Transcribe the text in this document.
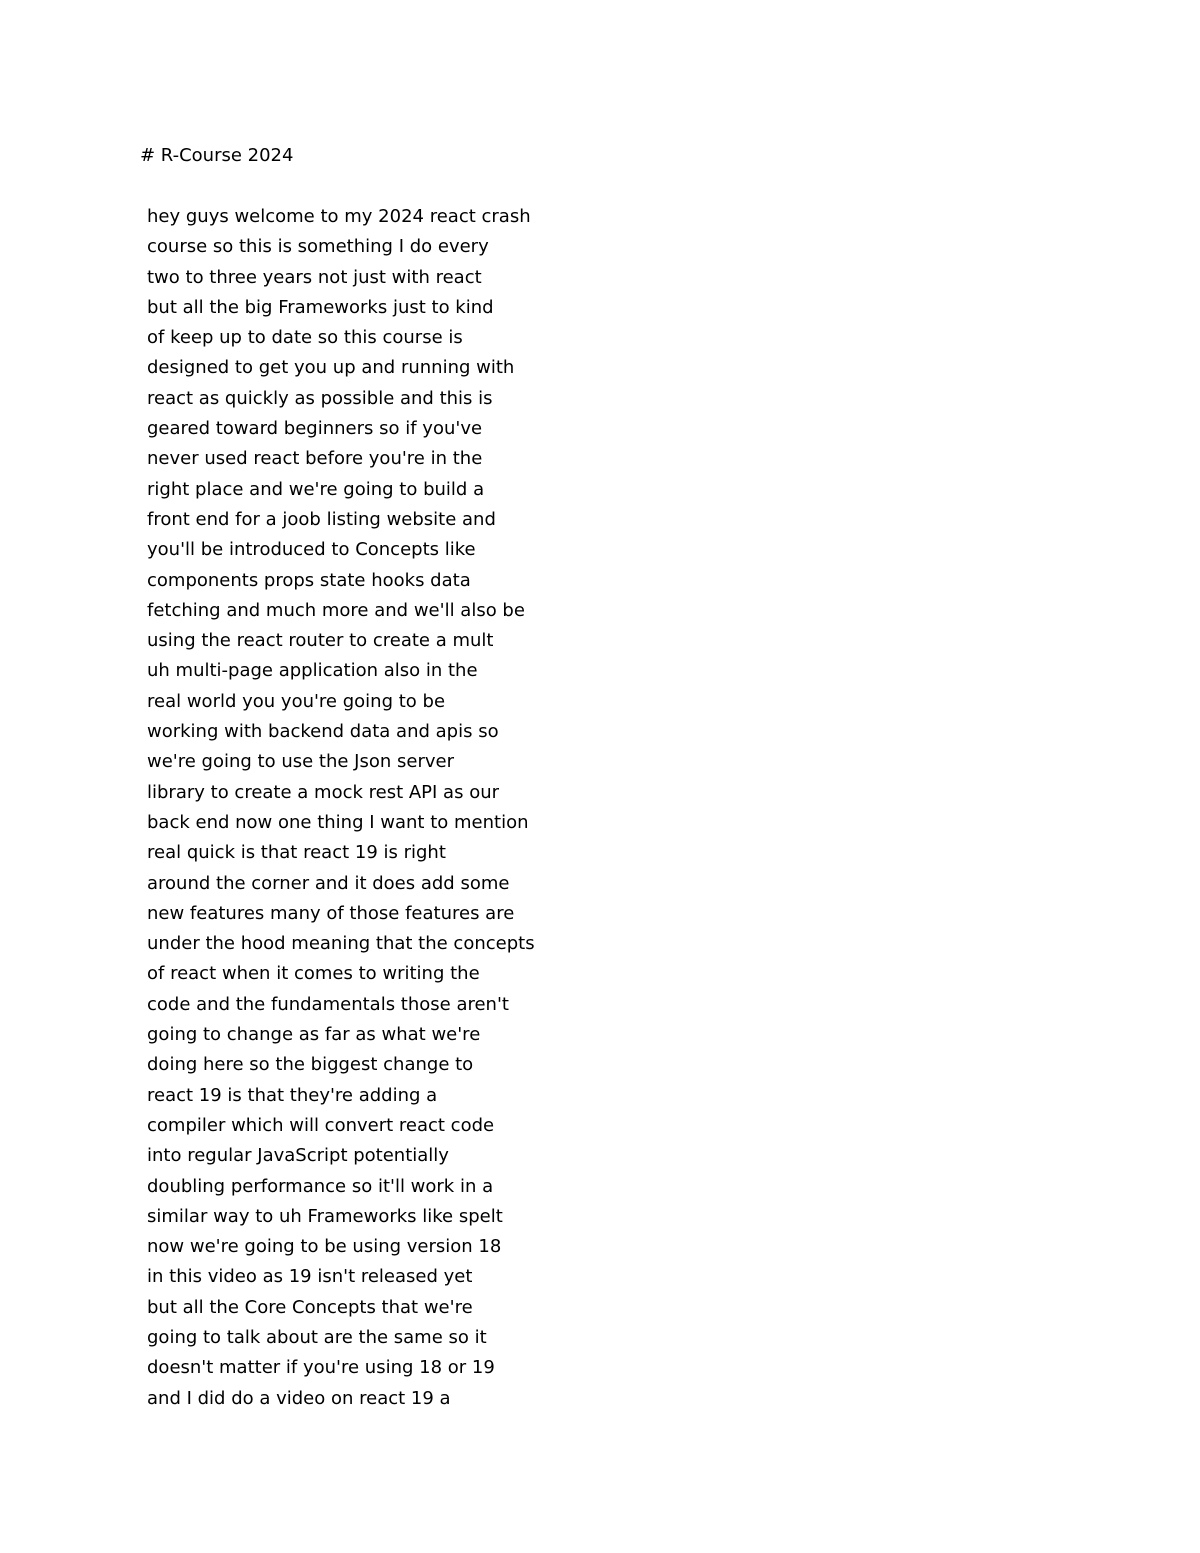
# R-Course 2024
hey guys welcome to my 2024 react crash
course so this is something I do every
two to three years not just with react
but all the big Frameworks just to kind
of keep up to date so this course is
designed to get you up and running with
react as quickly as possible and this is
geared toward beginners so if you've
never used react before you're in the
right place and we're going to build a
front end for a joob listing website and
you'll be introduced to Concepts like
components props state hooks data
fetching and much more and we'll also be
using the react router to create a mult
uh multi-page application also in the
real world you you're going to be
working with backend data and apis so
we're going to use the Json server
library to create a mock rest API as our
back end now one thing I want to mention
real quick is that react 19 is right
around the corner and it does add some
new features many of those features are
under the hood meaning that the concepts
of react when it comes to writing the
code and the fundamentals those aren't
going to change as far as what we're
doing here so the biggest change to
react 19 is that they're adding a
compiler which will convert react code
into regular JavaScript potentially
doubling performance so it'll work in a
similar way to uh Frameworks like spelt
now we're going to be using version 18
in this video as 19 isn't released yet
but all the Core Concepts that we're
going to talk about are the same so it
doesn't matter if you're using 18 or 19
and I did do a video on react 19 a
